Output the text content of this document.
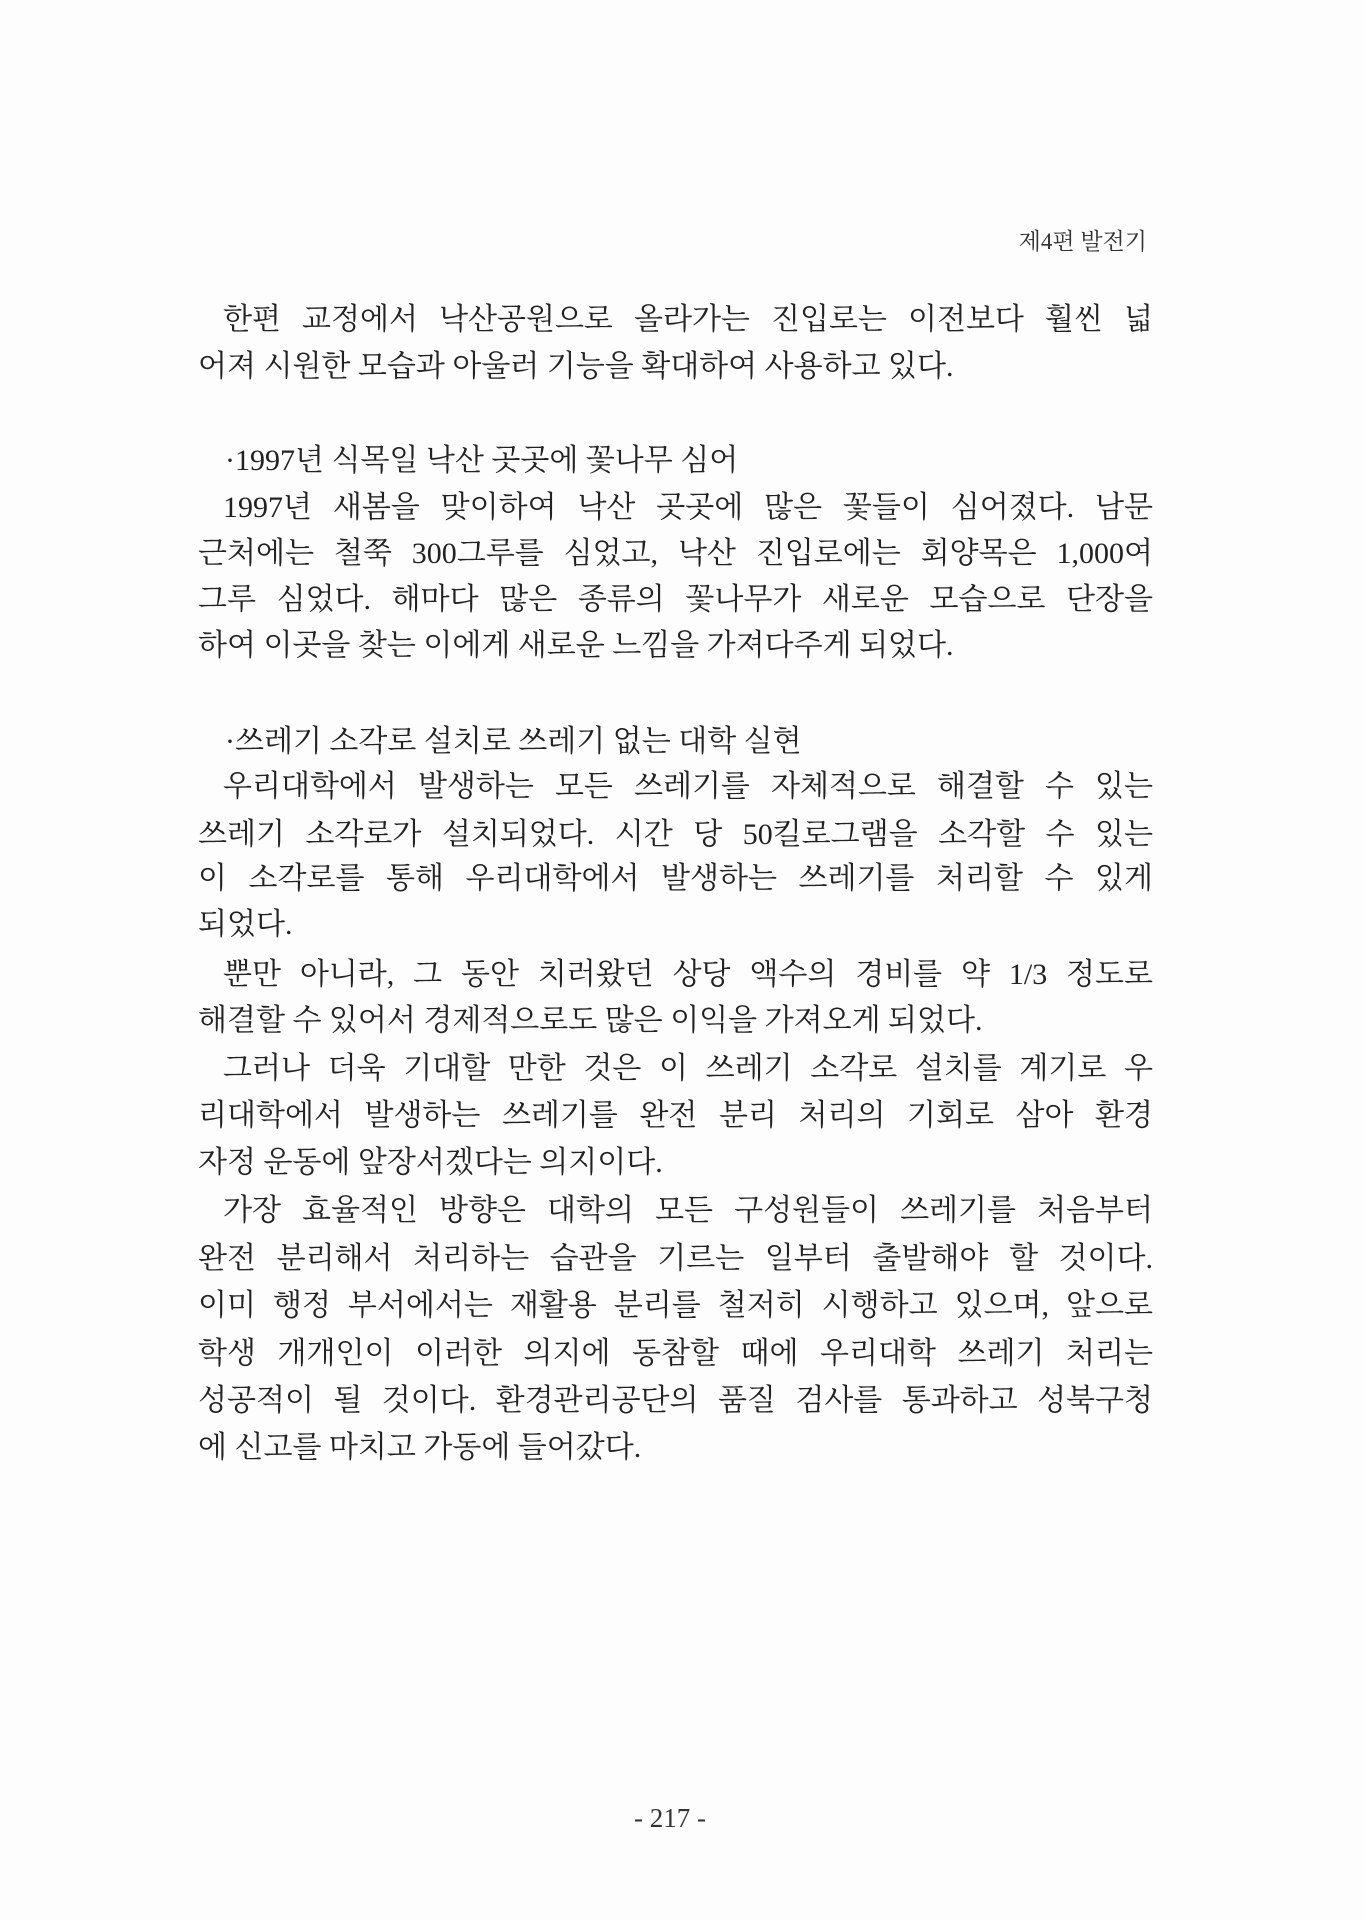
제4편 발전기
한편 교정에서 낙산공원으로 올라가는 진입로는 이전보다 훨씬 넓
어져 시원한 모습과 아울러 기능을 확대하여 사용하고 있다.
·1997년 식목일 낙산 곳곳에 꽃나무 심어
1997년 새봄을 맞이하여 낙산 곳곳에 많은 꽃들이 심어졌다. 남문
근처에는 철쭉 300그루를 심었고, 낙산 진입로에는 회양목은 1,000여
그루 심었다. 해마다 많은 종류의 꽃나무가 새로운 모습으로 단장을
하여 이곳을 찾는 이에게 새로운 느낌을 가져다주게 되었다.
·쓰레기 소각로 설치로 쓰레기 없는 대학 실현
우리대학에서 발생하는 모든 쓰레기를 자체적으로 해결할 수 있는
쓰레기 소각로가 설치되었다. 시간 당 50킬로그램을 소각할 수 있는
이 소각로를 통해 우리대학에서 발생하는 쓰레기를 처리할 수 있게
되었다.
뿐만 아니라, 그 동안 치러왔던 상당 액수의 경비를 약 1/3 정도로
해결할 수 있어서 경제적으로도 많은 이익을 가져오게 되었다.
그러나 더욱 기대할 만한 것은 이 쓰레기 소각로 설치를 계기로 우
리대학에서 발생하는 쓰레기를 완전 분리 처리의 기회로 삼아 환경
자정 운동에 앞장서겠다는 의지이다.
가장 효율적인 방향은 대학의 모든 구성원들이 쓰레기를 처음부터
완전 분리해서 처리하는 습관을 기르는 일부터 출발해야 할 것이다.
이미 행정 부서에서는 재활용 분리를 철저히 시행하고 있으며, 앞으로
학생 개개인이 이러한 의지에 동참할 때에 우리대학 쓰레기 처리는
성공적이 될 것이다. 환경관리공단의 품질 검사를 통과하고 성북구청
에 신고를 마치고 가동에 들어갔다.
- 217 -
